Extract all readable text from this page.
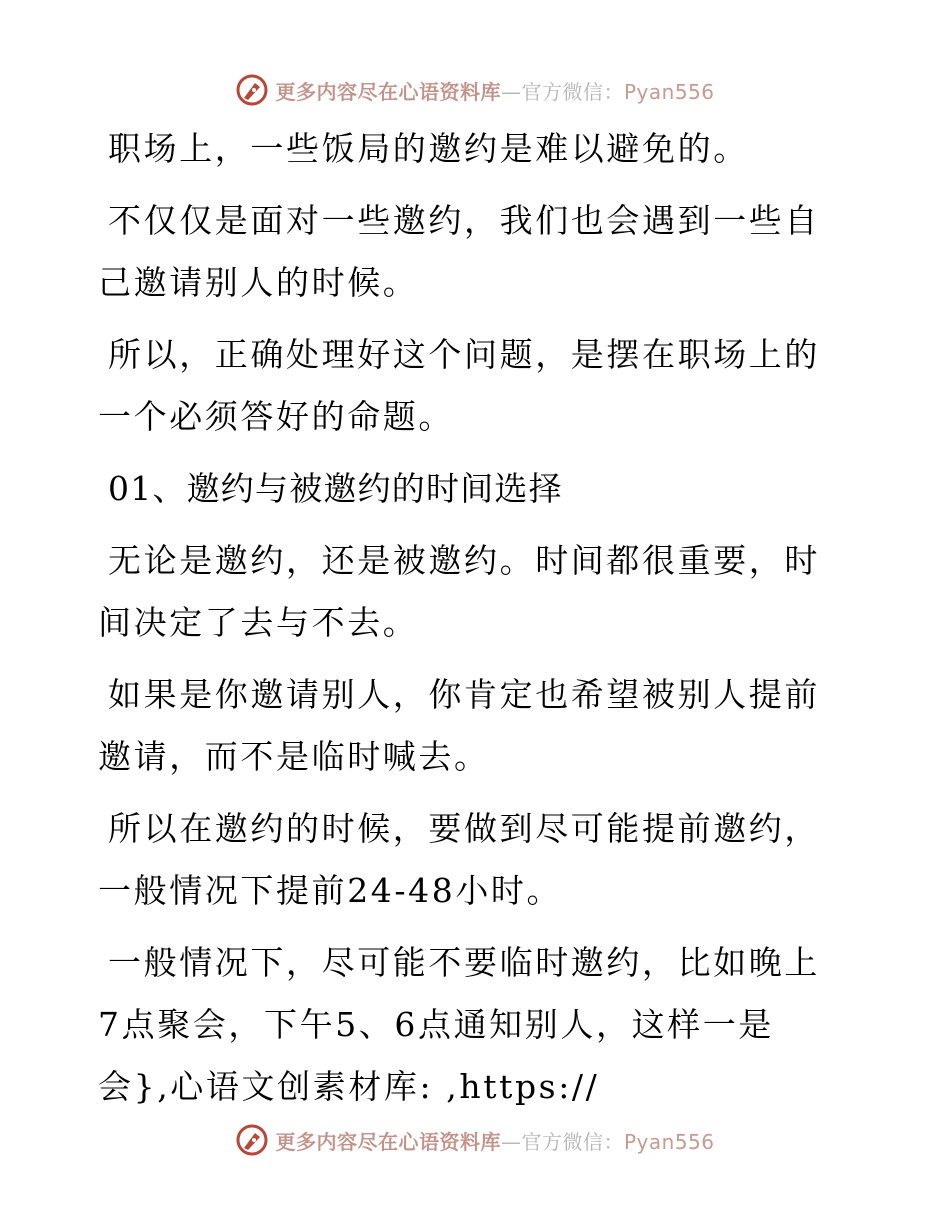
更多内容尽在心语资料库—官方微信：Pyan556

职场上，一些饭局的邀约是难以避免的。

不仅仅是面对一些邀约，我们也会遇到一些自己邀请别人的时候。

所以，正确处理好这个问题，是摆在职场上的一个必须答好的命题。

01、邀约与被邀约的时间选择

无论是邀约，还是被邀约。时间都很重要，时间决定了去与不去。

如果是你邀请别人，你肯定也希望被别人提前邀请，而不是临时喊去。

所以在邀约的时候，要做到尽可能提前邀约，一般情况下提前24-48小时。

一般情况下，尽可能不要临时邀约，比如晚上7点聚会，下午5、6点通知别人，这样一是会},心语文创素材库: ,https://

更多内容尽在心语资料库—官方微信：Pyan556
